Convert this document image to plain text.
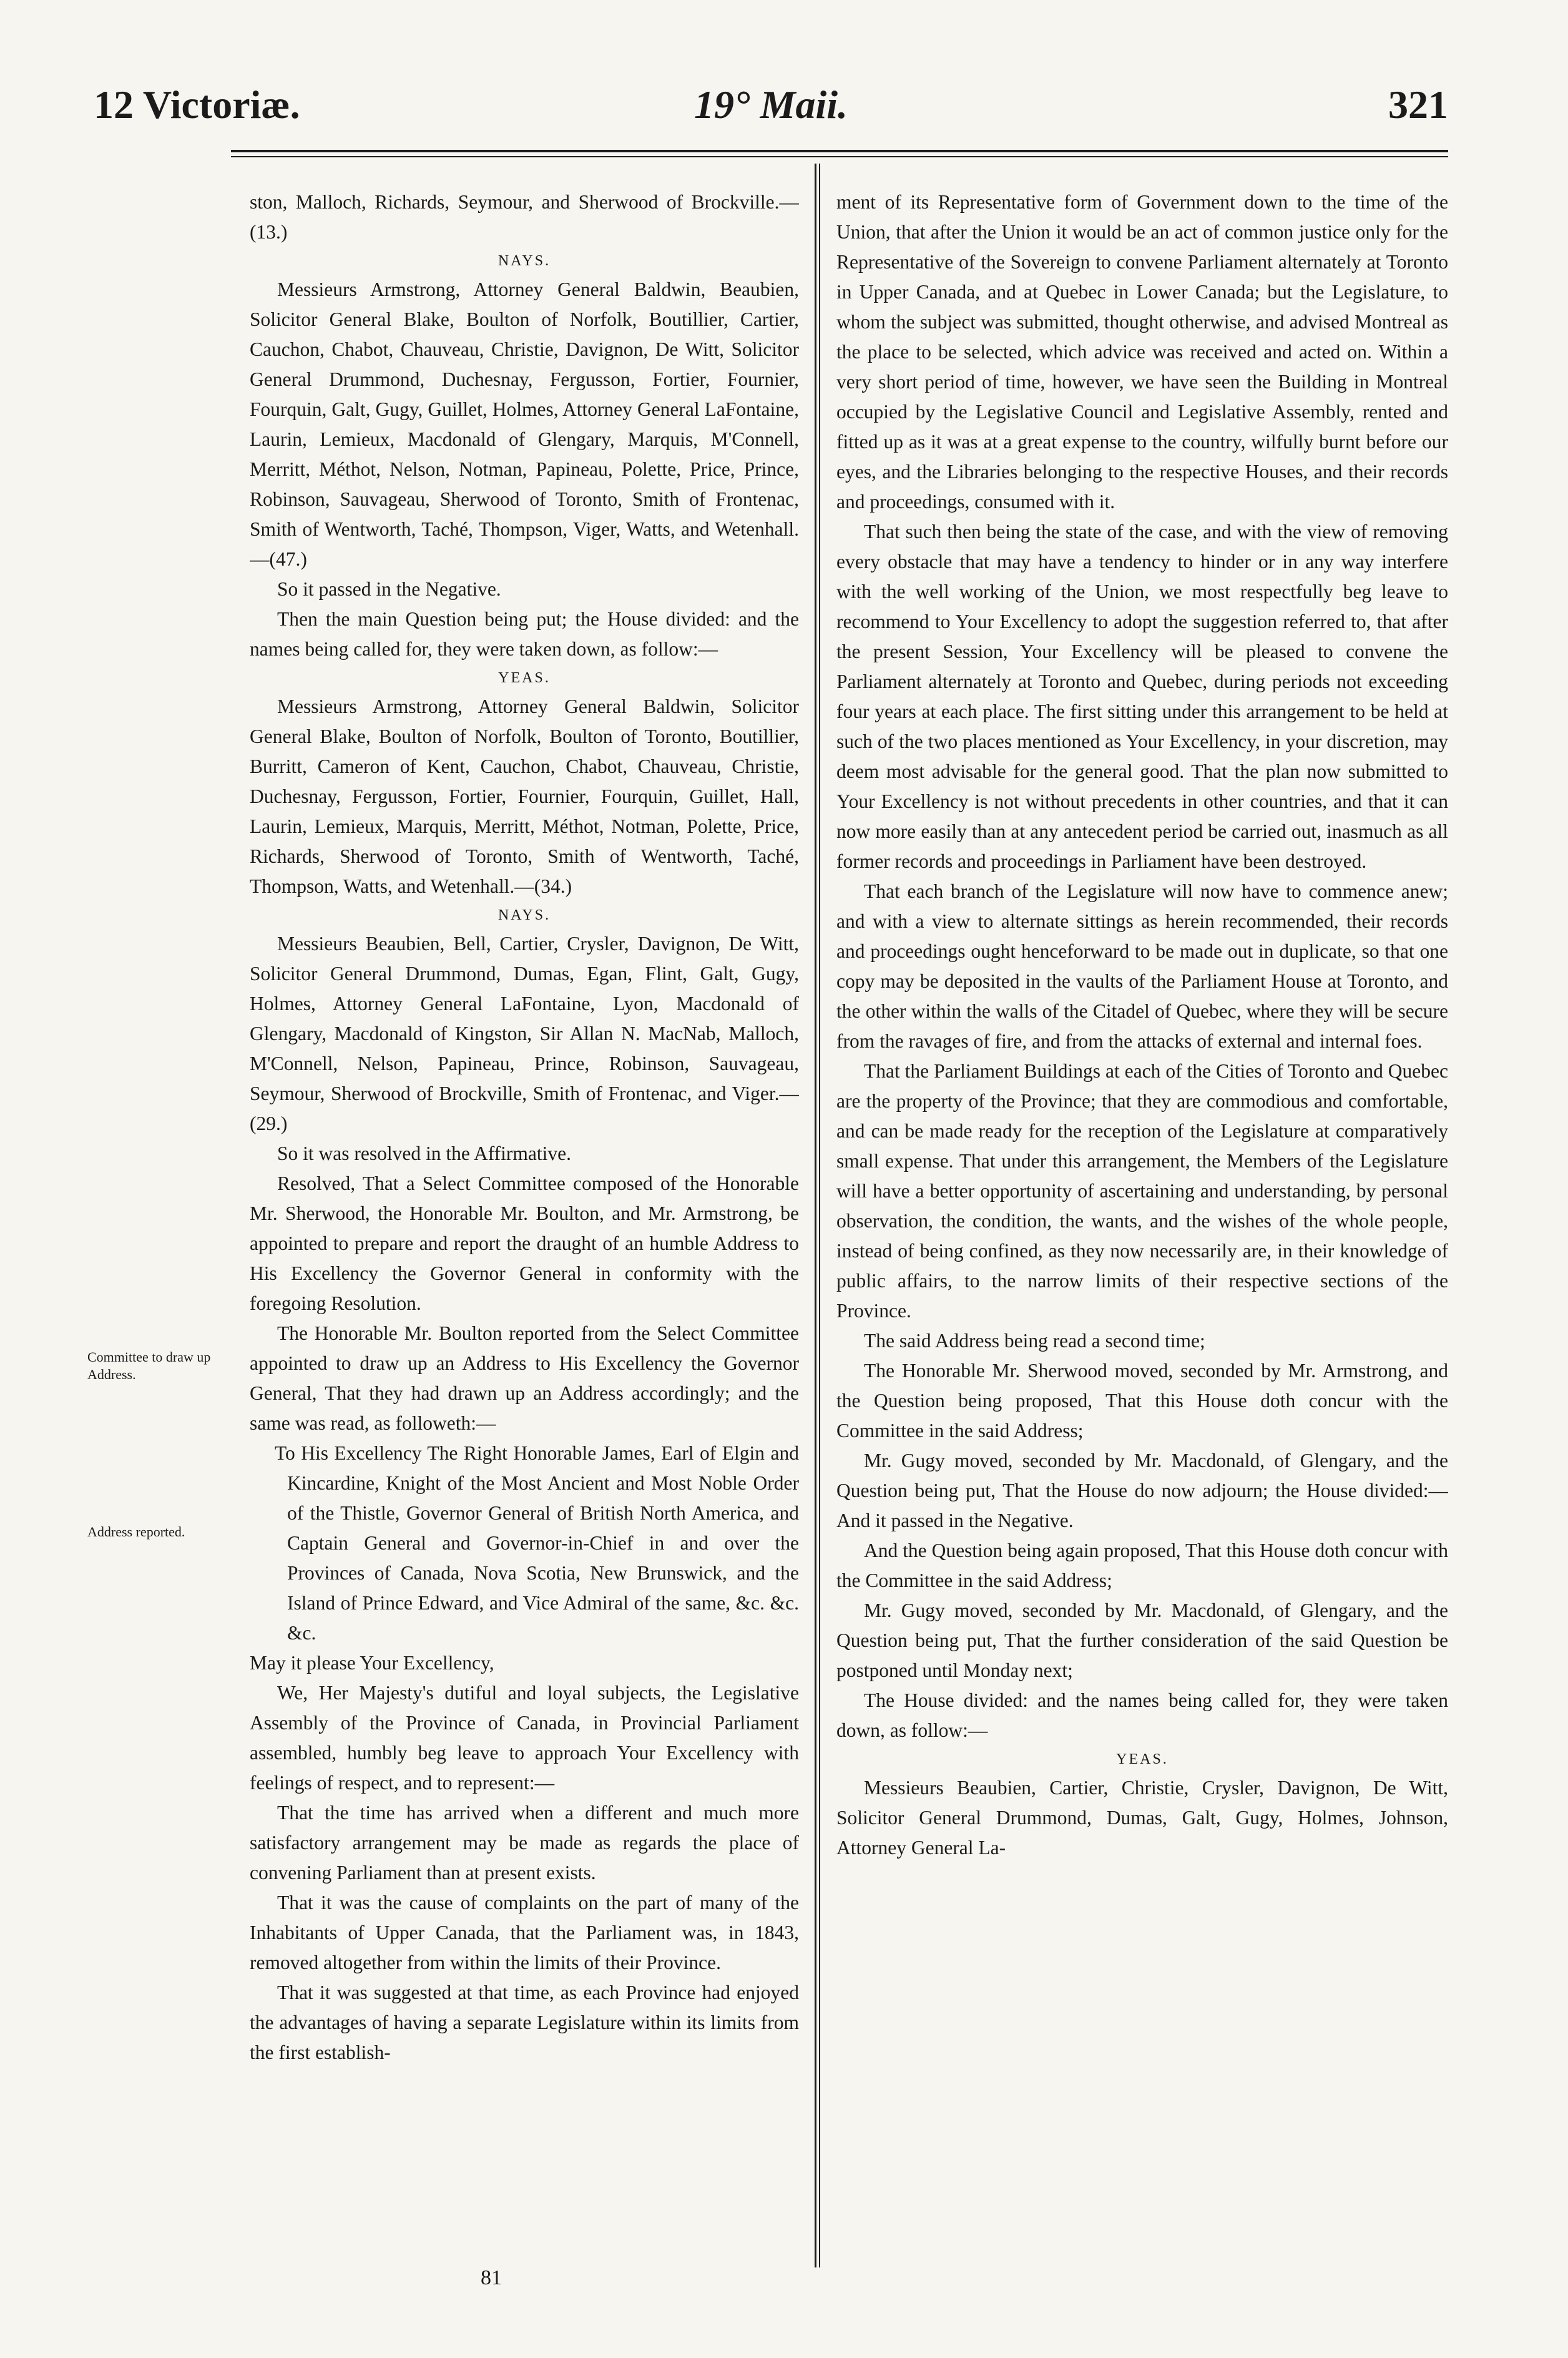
12 Victoriæ.	19° Maii.	321
Committee to draw up Address.
Address reported.

ston, Malloch, Richards, Seymour, and Sherwood of Brockville.—(13.)

NAYS.

Messieurs Armstrong, Attorney General Baldwin, Beaubien, Solicitor General Blake, Boulton of Norfolk, Boutillier, Cartier, Cauchon, Chabot, Chauveau, Christie, Davignon, De Witt, Solicitor General Drummond, Duchesnay, Fergusson, Fortier, Fournier, Fourquin, Galt, Gugy, Guillet, Holmes, Attorney General LaFontaine, Laurin, Lemieux, Macdonald of Glengary, Marquis, M'Connell, Merritt, Méthot, Nelson, Notman, Papineau, Polette, Price, Prince, Robinson, Sauvageau, Sherwood of Toronto, Smith of Frontenac, Smith of Wentworth, Taché, Thompson, Viger, Watts, and Wetenhall.—(47.)

So it passed in the Negative.

Then the main Question being put; the House divided: and the names being called for, they were taken down, as follow:—

YEAS.

Messieurs Armstrong, Attorney General Baldwin, Solicitor General Blake, Boulton of Norfolk, Boulton of Toronto, Boutillier, Burritt, Cameron of Kent, Cauchon, Chabot, Chauveau, Christie, Duchesnay, Fergusson, Fortier, Fournier, Fourquin, Guillet, Hall, Laurin, Lemieux, Marquis, Merritt, Méthot, Notman, Polette, Price, Richards, Sherwood of Toronto, Smith of Wentworth, Taché, Thompson, Watts, and Wetenhall.—(34.)

NAYS.

Messieurs Beaubien, Bell, Cartier, Crysler, Davignon, De Witt, Solicitor General Drummond, Dumas, Egan, Flint, Galt, Gugy, Holmes, Attorney General LaFontaine, Lyon, Macdonald of Glengary, Macdonald of Kingston, Sir Allan N. MacNab, Malloch, M'Connell, Nelson, Papineau, Prince, Robinson, Sauvageau, Seymour, Sherwood of Brockville, Smith of Frontenac, and Viger.—(29.)

So it was resolved in the Affirmative.

Resolved, That a Select Committee composed of the Honorable Mr. Sherwood, the Honorable Mr. Boulton, and Mr. Armstrong, be appointed to prepare and report the draught of an humble Address to His Excellency the Governor General in conformity with the foregoing Resolution.

The Honorable Mr. Boulton reported from the Select Committee appointed to draw up an Address to His Excellency the Governor General, That they had drawn up an Address accordingly; and the same was read, as followeth:—

To His Excellency The Right Honorable James, Earl of Elgin and Kincardine, Knight of the Most Ancient and Most Noble Order of the Thistle, Governor General of British North America, and Captain General and Governor-in-Chief in and over the Provinces of Canada, Nova Scotia, New Brunswick, and the Island of Prince Edward, and Vice Admiral of the same, &c. &c. &c.

May it please Your Excellency,

We, Her Majesty's dutiful and loyal subjects, the Legislative Assembly of the Province of Canada, in Provincial Parliament assembled, humbly beg leave to approach Your Excellency with feelings of respect, and to represent:—

That the time has arrived when a different and much more satisfactory arrangement may be made as regards the place of convening Parliament than at present exists.

That it was the cause of complaints on the part of many of the Inhabitants of Upper Canada, that the Parliament was, in 1843, removed altogether from within the limits of their Province.

That it was suggested at that time, as each Province had enjoyed the advantages of having a separate Legislature within its limits from the first establish-

ment of its Representative form of Government down to the time of the Union, that after the Union it would be an act of common justice only for the Representative of the Sovereign to convene Parliament alternately at Toronto in Upper Canada, and at Quebec in Lower Canada; but the Legislature, to whom the subject was submitted, thought otherwise, and advised Montreal as the place to be selected, which advice was received and acted on. Within a very short period of time, however, we have seen the Building in Montreal occupied by the Legislative Council and Legislative Assembly, rented and fitted up as it was at a great expense to the country, wilfully burnt before our eyes, and the Libraries belonging to the respective Houses, and their records and proceedings, consumed with it.

That such then being the state of the case, and with the view of removing every obstacle that may have a tendency to hinder or in any way interfere with the well working of the Union, we most respectfully beg leave to recommend to Your Excellency to adopt the suggestion referred to, that after the present Session, Your Excellency will be pleased to convene the Parliament alternately at Toronto and Quebec, during periods not exceeding four years at each place. The first sitting under this arrangement to be held at such of the two places mentioned as Your Excellency, in your discretion, may deem most advisable for the general good. That the plan now submitted to Your Excellency is not without precedents in other countries, and that it can now more easily than at any antecedent period be carried out, inasmuch as all former records and proceedings in Parliament have been destroyed.

That each branch of the Legislature will now have to commence anew; and with a view to alternate sittings as herein recommended, their records and proceedings ought henceforward to be made out in duplicate, so that one copy may be deposited in the vaults of the Parliament House at Toronto, and the other within the walls of the Citadel of Quebec, where they will be secure from the ravages of fire, and from the attacks of external and internal foes.

That the Parliament Buildings at each of the Cities of Toronto and Quebec are the property of the Province; that they are commodious and comfortable, and can be made ready for the reception of the Legislature at comparatively small expense. That under this arrangement, the Members of the Legislature will have a better opportunity of ascertaining and understanding, by personal observation, the condition, the wants, and the wishes of the whole people, instead of being confined, as they now necessarily are, in their knowledge of public affairs, to the narrow limits of their respective sections of the Province.

The said Address being read a second time;

The Honorable Mr. Sherwood moved, seconded by Mr. Armstrong, and the Question being proposed, That this House doth concur with the Committee in the said Address;

Mr. Gugy moved, seconded by Mr. Macdonald, of Glengary, and the Question being put, That the House do now adjourn; the House divided:—And it passed in the Negative.

And the Question being again proposed, That this House doth concur with the Committee in the said Address;

Mr. Gugy moved, seconded by Mr. Macdonald, of Glengary, and the Question being put, That the further consideration of the said Question be postponed until Monday next;

The House divided: and the names being called for, they were taken down, as follow:—

YEAS.

Messieurs Beaubien, Cartier, Christie, Crysler, Davignon, De Witt, Solicitor General Drummond, Dumas, Galt, Gugy, Holmes, Johnson, Attorney General La-

81
